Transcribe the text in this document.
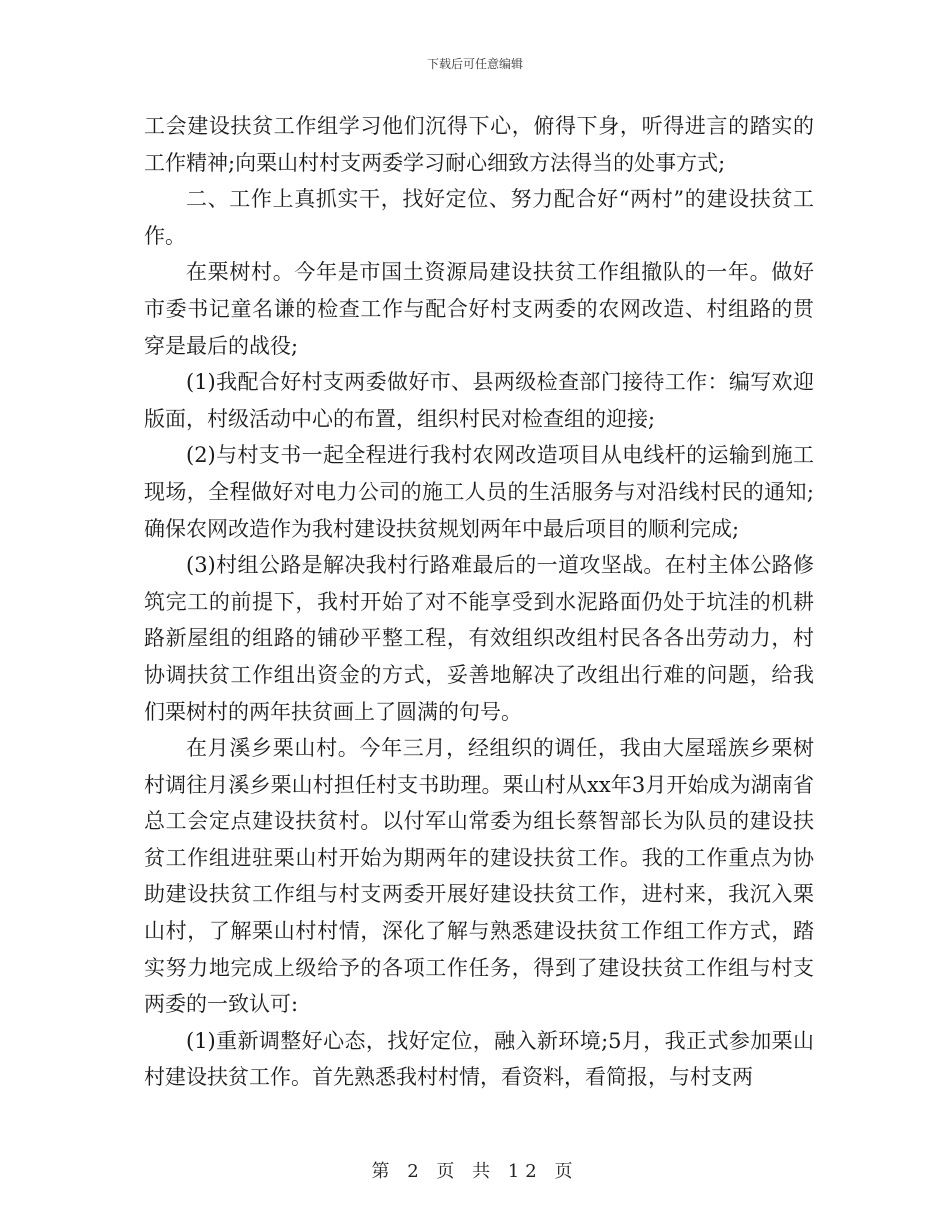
下载后可任意编辑

工会建设扶贫工作组学习他们沉得下心，俯得下身，听得进言的踏实的工作精神;向栗山村村支两委学习耐心细致方法得当的处事方式;

二、工作上真抓实干，找好定位、努力配合好“两村”的建设扶贫工作。

在栗树村。今年是市国土资源局建设扶贫工作组撤队的一年。做好市委书记童名谦的检查工作与配合好村支两委的农网改造、村组路的贯穿是最后的战役;

(1)我配合好村支两委做好市、县两级检查部门接待工作：编写欢迎版面，村级活动中心的布置，组织村民对检查组的迎接;

(2)与村支书一起全程进行我村农网改造项目从电线杆的运输到施工现场，全程做好对电力公司的施工人员的生活服务与对沿线村民的通知;确保农网改造作为我村建设扶贫规划两年中最后项目的顺利完成;

(3)村组公路是解决我村行路难最后的一道攻坚战。在村主体公路修筑完工的前提下，我村开始了对不能享受到水泥路面仍处于坑洼的机耕路新屋组的组路的铺砂平整工程，有效组织改组村民各各出劳动力，村协调扶贫工作组出资金的方式，妥善地解决了改组出行难的问题，给我们栗树村的两年扶贫画上了圆满的句号。

在月溪乡栗山村。今年三月，经组织的调任，我由大屋瑶族乡栗树村调往月溪乡栗山村担任村支书助理。栗山村从xx年3月开始成为湖南省总工会定点建设扶贫村。以付军山常委为组长蔡智部长为队员的建设扶贫工作组进驻栗山村开始为期两年的建设扶贫工作。我的工作重点为协助建设扶贫工作组与村支两委开展好建设扶贫工作，进村来，我沉入栗山村，了解栗山村村情，深化了解与熟悉建设扶贫工作组工作方式，踏实努力地完成上级给予的各项工作任务，得到了建设扶贫工作组与村支两委的一致认可:

(1)重新调整好心态，找好定位，融入新环境;5月，我正式参加栗山村建设扶贫工作。首先熟悉我村村情，看资料，看简报，与村支两

第 2 页 共 12 页
